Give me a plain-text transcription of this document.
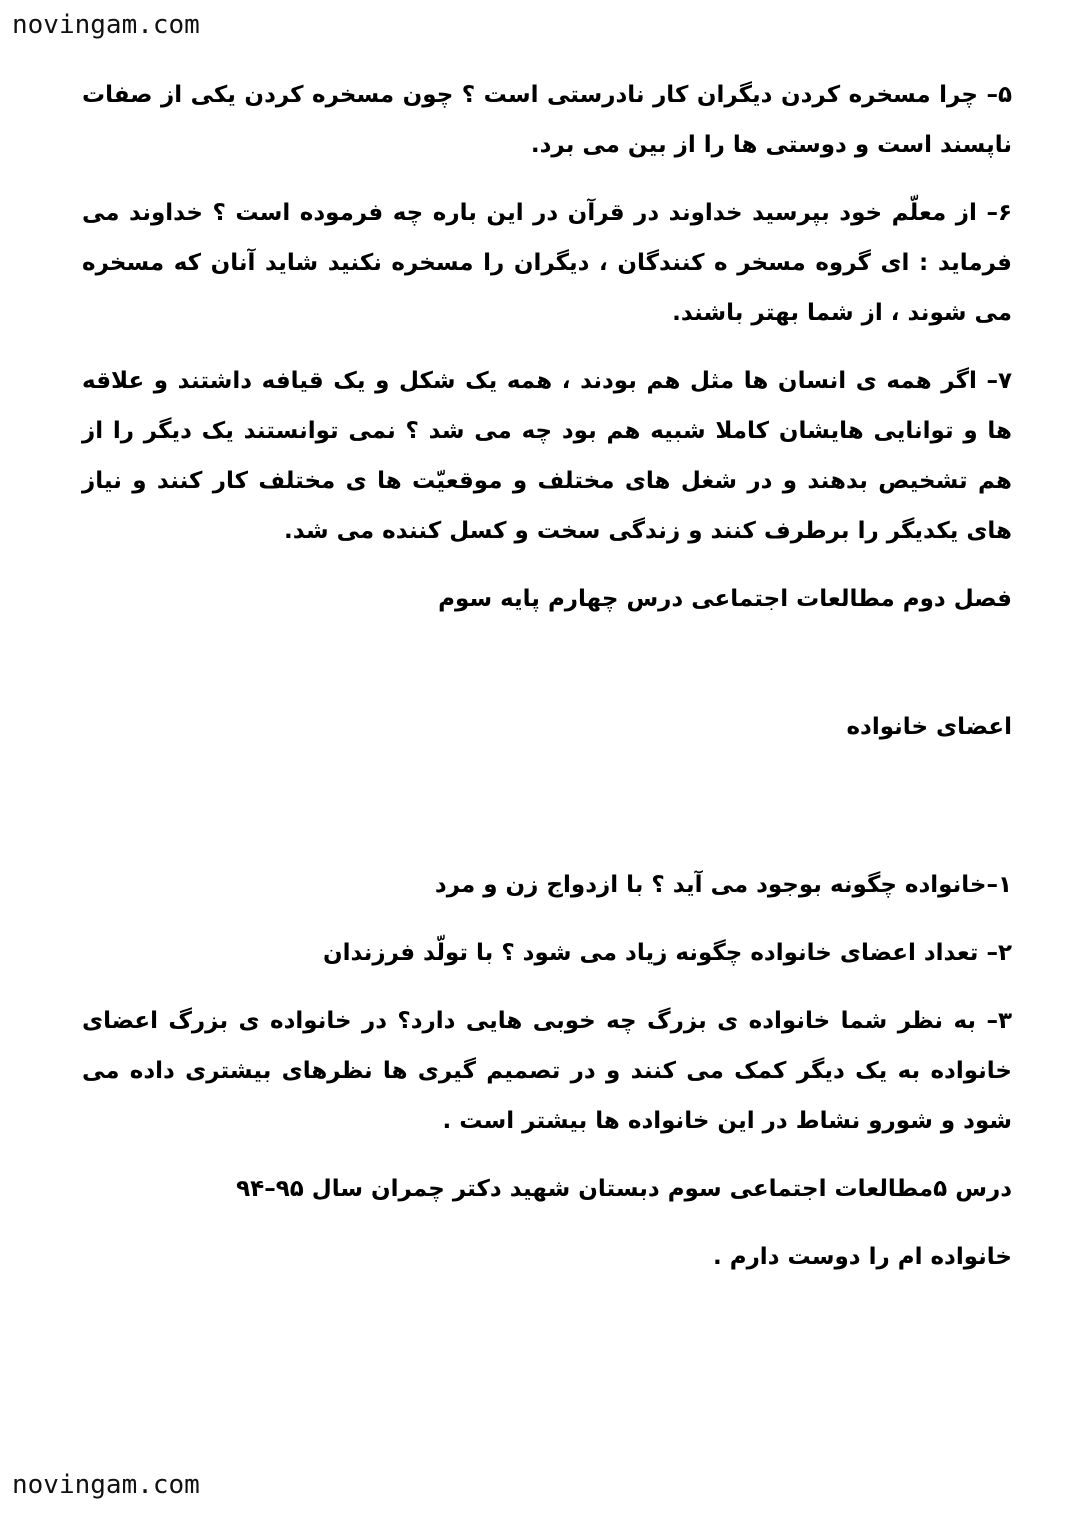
novingam.com

۵– چرا مسخره کردن دیگران کار نادرستی است ؟ چون مسخره کردن یکی از صفات ناپسند است و دوستی ها را از بین می برد.

۶– از معلّم خود بپرسید خداوند در قرآن در این باره چه فرموده است ؟ خداوند می فرماید : ای گروه مسخر ه کنندگان ، دیگران را مسخره نکنید شاید آنان که مسخره می شوند ، از شما بهتر باشند.

۷– اگر همه ی انسان ها مثل هم بودند ، همه یک شکل و یک قیافه داشتند و علاقه ها و توانایی هایشان کاملا شبیه هم بود چه می شد ؟ نمی توانستند یک دیگر را از هم تشخیص بدهند و در شغل های مختلف و موقعیّت ها ی مختلف کار کنند و نیاز های یکدیگر را برطرف کنند و زندگی سخت و کسل کننده می شد.

فصل دوم مطالعات اجتماعی درس چهارم پایه سوم

اعضای خانواده

۱–خانواده چگونه بوجود می آید ؟ با ازدواج زن و مرد

۲– تعداد اعضای خانواده چگونه زیاد می شود ؟ با تولّد فرزندان

۳– به نظر شما خانواده ی بزرگ چه خوبی هایی دارد؟ در خانواده ی بزرگ اعضای خانواده به یک دیگر کمک می کنند و در تصمیم گیری ها نظرهای بیشتری داده می شود و شورو نشاط در این خانواده ها بیشتر است .

درس ۵مطالعات اجتماعی سوم دبستان شهید دکتر چمران سال ۹۵–۹۴

خانواده ام را دوست دارم .

novingam.com
